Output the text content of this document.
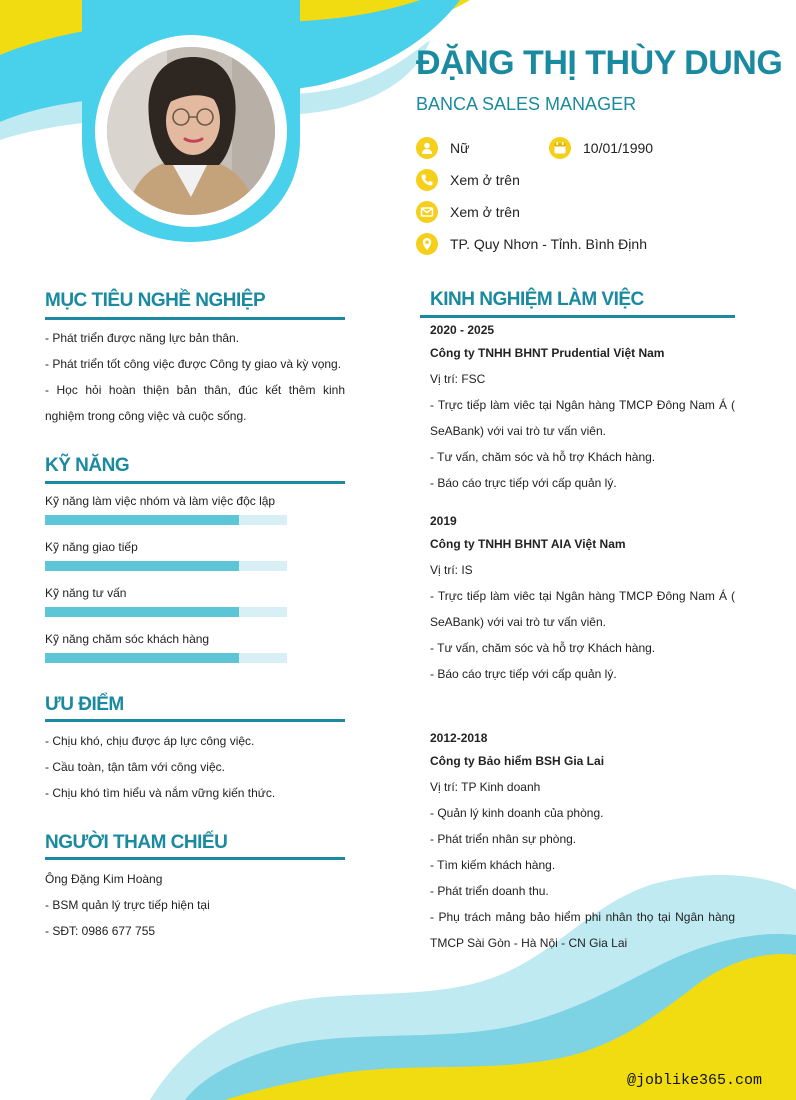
ĐẶNG THỊ THÙY DUNG
BANCA SALES MANAGER
Nữ	10/01/1990
Xem ở trên
Xem ở trên
TP. Quy Nhơn - Tỉnh. Bình Định
MỤC TIÊU NGHỀ NGHIỆP
- Phát triển được năng lực bản thân.
- Phát triển tốt công việc được Công ty giao và kỳ vọng.
- Học hỏi hoàn thiện bản thân, đúc kết thêm kinh nghiệm trong công việc và cuộc sống.
KỸ NĂNG
Kỹ năng làm việc nhóm và làm việc độc lập
Kỹ năng giao tiếp
Kỹ năng tư vấn
Kỹ năng chăm sóc khách hàng
ƯU ĐIỂM
- Chịu khó, chịu được áp lực công việc.
- Cầu toàn, tận tâm với công việc.
- Chịu khó tìm hiểu và nắm vững kiến thức.
NGƯỜI THAM CHIẾU
Ông Đặng Kim Hoàng
- BSM quản lý trực tiếp hiện tại
- SĐT: 0986 677 755
KINH NGHIỆM LÀM VIỆC
2020 - 2025
Công ty TNHH BHNT Prudential Việt Nam
Vị trí: FSC
- Trực tiếp làm viêc tại Ngân hàng TMCP Đông Nam Á ( SeABank) với vai trò tư vấn viên.
- Tư vấn, chăm sóc và hỗ trợ Khách hàng.
- Báo cáo trực tiếp với cấp quản lý.
2019
Công ty TNHH BHNT AIA Việt Nam
Vị trí: IS
- Trực tiếp làm viêc tại Ngân hàng TMCP Đông Nam Á ( SeABank) với vai trò tư vấn viên.
- Tư vấn, chăm sóc và hỗ trợ Khách hàng.
- Báo cáo trực tiếp với cấp quản lý.
2012-2018
Công ty Bảo hiểm BSH Gia Lai
Vị trí: TP Kinh doanh
- Quản lý kinh doanh của phòng.
- Phát triển nhân sự phòng.
- Tìm kiếm khách hàng.
- Phát triển doanh thu.
- Phụ trách mảng bảo hiểm phi nhân thọ tại Ngân hàng TMCP Sài Gòn - Hà Nội - CN Gia Lai
@joblike365.com
